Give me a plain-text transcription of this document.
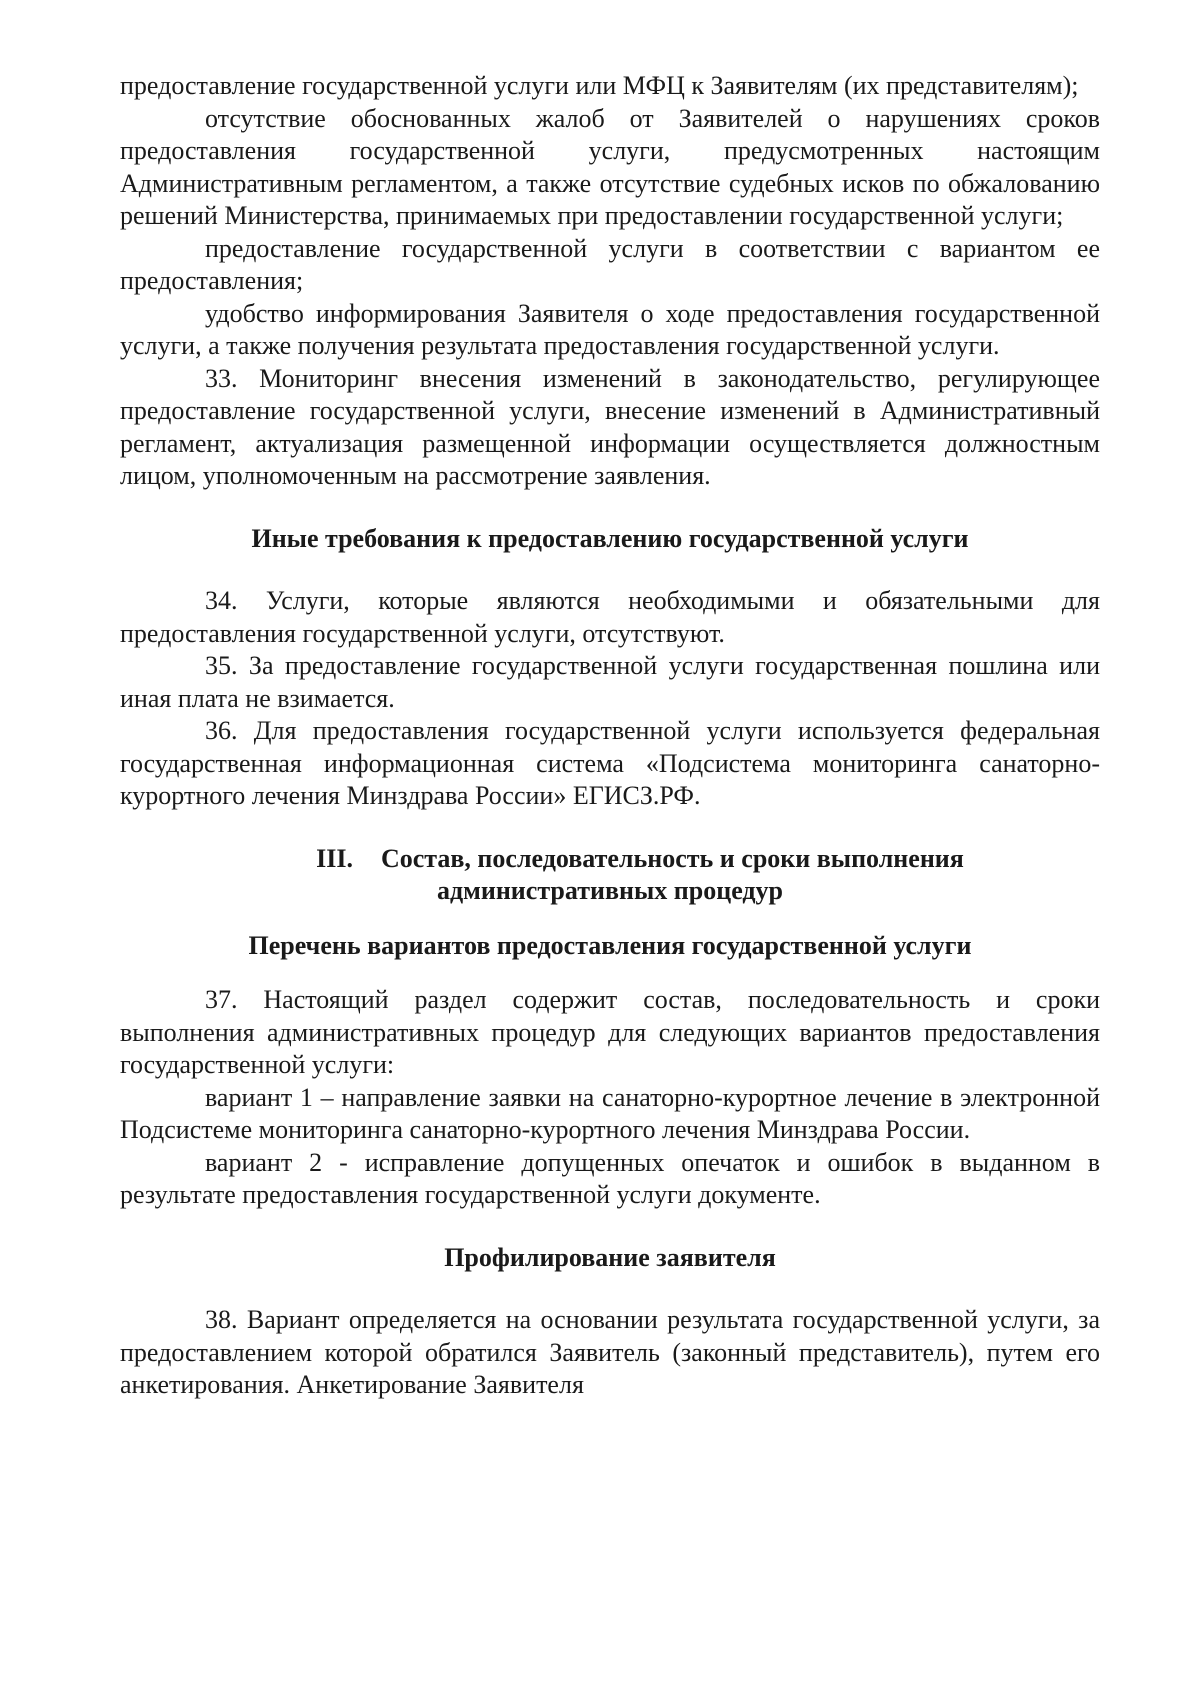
предоставление государственной услуги или МФЦ к Заявителям (их представителям);

отсутствие обоснованных жалоб от Заявителей о нарушениях сроков предоставления государственной услуги, предусмотренных настоящим Административным регламентом, а также отсутствие судебных исков по обжалованию решений Министерства, принимаемых при предоставлении государственной услуги;

предоставление государственной услуги в соответствии с вариантом ее предоставления;

удобство информирования Заявителя о ходе предоставления государственной услуги, а также получения результата предоставления государственной услуги.

33. Мониторинг внесения изменений в законодательство, регулирующее предоставление государственной услуги, внесение изменений в Административный регламент, актуализация размещенной информации осуществляется должностным лицом, уполномоченным на рассмотрение заявления.

Иные требования к предоставлению государственной услуги

34. Услуги, которые являются необходимыми и обязательными для предоставления государственной услуги, отсутствуют.

35. За предоставление государственной услуги государственная пошлина или иная плата не взимается.

36. Для предоставления государственной услуги используется федеральная государственная информационная система «Подсистема мониторинга санаторно-курортного лечения Минздрава России» ЕГИСЗ.РФ.

III. Состав, последовательность и сроки выполнения
административных процедур
Перечень вариантов предоставления государственной услуги

37. Настоящий раздел содержит состав, последовательность и сроки выполнения административных процедур для следующих вариантов предоставления государственной услуги:

вариант 1 – направление заявки на санаторно-курортное лечение в электронной Подсистеме мониторинга санаторно-курортного лечения Минздрава России.

вариант 2 - исправление допущенных опечаток и ошибок в выданном в результате предоставления государственной услуги документе.

Профилирование заявителя

38. Вариант определяется на основании результата государственной услуги, за предоставлением которой обратился Заявитель (законный представитель), путем его анкетирования. Анкетирование Заявителя
